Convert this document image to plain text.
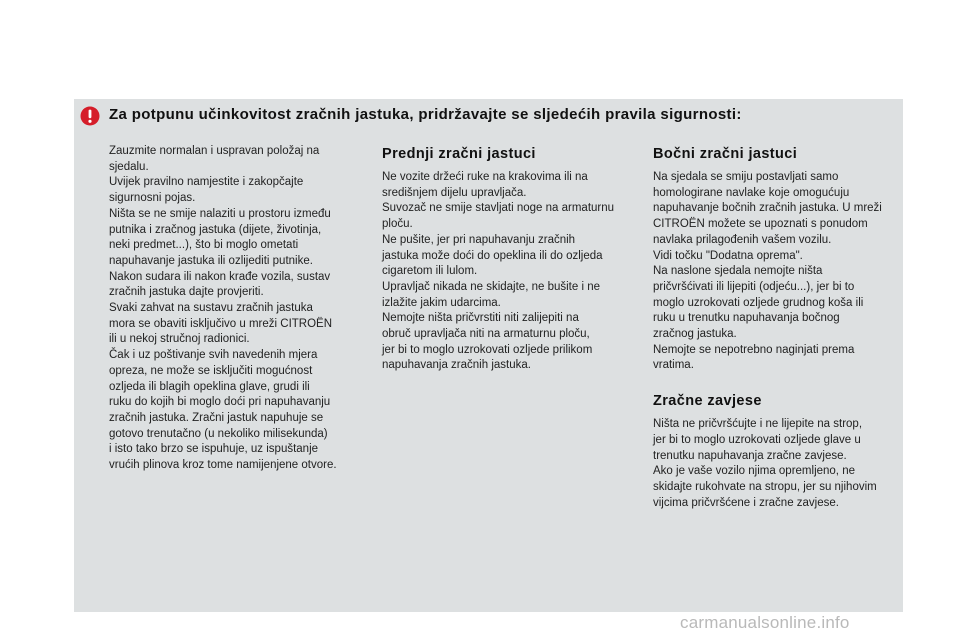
Za potpunu učinkovitost zračnih jastuka, pridržavajte se sljedećih pravila sigurnosti:
Zauzmite normalan i uspravan položaj na
sjedalu.
Uvijek pravilno namjestite i zakopčajte
sigurnosni pojas.
Ništa se ne smije nalaziti u prostoru između
putnika i zračnog jastuka (dijete, životinja,
neki predmet...), što bi moglo ometati
napuhavanje jastuka ili ozlijediti putnike.
Nakon sudara ili nakon krađe vozila, sustav
zračnih jastuka dajte provjeriti.
Svaki zahvat na sustavu zračnih jastuka
mora se obaviti isključivo u mreži CITROËN
ili u nekoj stručnoj radionici.
Čak i uz poštivanje svih navedenih mjera
opreza, ne može se isključiti mogućnost
ozljeda ili blagih opeklina glave, grudi ili
ruku do kojih bi moglo doći pri napuhavanju
zračnih jastuka. Zračni jastuk napuhuje se
gotovo trenutačno (u nekoliko milisekunda)
i isto tako brzo se ispuhuje, uz ispuštanje
vrućih plinova kroz tome namijenjene otvore.
Prednji zračni jastuci
Ne vozite držeći ruke na krakovima ili na
središnjem dijelu upravljača.
Suvozač ne smije stavljati noge na armaturnu
ploču.
Ne pušite, jer pri napuhavanju zračnih
jastuka može doći do opeklina ili do ozljeda
cigaretom ili lulom.
Upravljač nikada ne skidajte, ne bušite i ne
izlažite jakim udarcima.
Nemojte ništa pričvrstiti niti zalijepiti na
obruč upravljača niti na armaturnu ploču,
jer bi to moglo uzrokovati ozljede prilikom
napuhavanja zračnih jastuka.
Bočni zračni jastuci
Na sjedala se smiju postavljati samo
homologirane navlake koje omogućuju
napuhavanje bočnih zračnih jastuka. U mreži
CITROËN možete se upoznati s ponudom
navlaka prilagođenih vašem vozilu.
Vidi točku "Dodatna oprema".
Na naslone sjedala nemojte ništa
pričvršćivati ili lijepiti (odjeću...), jer bi to
moglo uzrokovati ozljede grudnog koša ili
ruku u trenutku napuhavanja bočnog
zračnog jastuka.
Nemojte se nepotrebno naginjati prema
vratima.
Zračne zavjese
Ništa ne pričvršćujte i ne lijepite na strop,
jer bi to moglo uzrokovati ozljede glave u
trenutku napuhavanja zračne zavjese.
Ako je vaše vozilo njima opremljeno, ne
skidajte rukohvate na stropu, jer su njihovim
vijcima pričvršćene i zračne zavjese.
carmanualsonline.info
